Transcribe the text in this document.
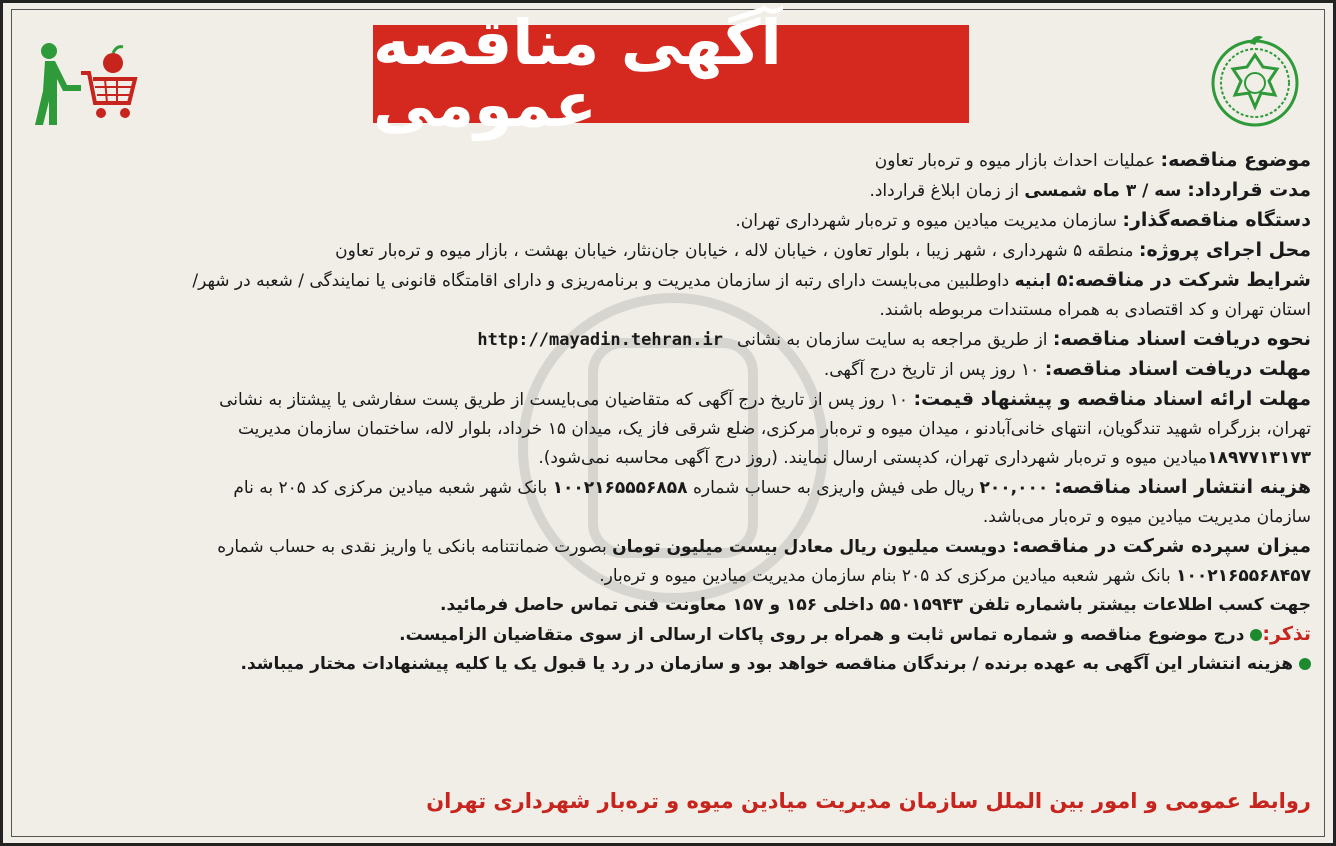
آگهی مناقصه عمومی
موضوع مناقصه: عملیات احداث بازار میوه و تره‌بار تعاون
مدت قرارداد: سه / ۳ ماه شمسی از زمان ابلاغ قرارداد.
دستگاه مناقصه‌گذار: سازمان مدیریت میادین میوه و تره‌بار شهرداری تهران.
محل اجرای پروژه: منطقه ۵ شهرداری ، شهر زیبا ، بلوار تعاون ، خیابان لاله ، خیابان جان‌نثار، خیابان بهشت ، بازار میوه و تره‌بار تعاون
شرایط شرکت در مناقصه:۵ ابنیه داوطلبین می‌بایست دارای رتبه از سازمان مدیریت و برنامه‌ریزی و دارای اقامتگاه قانونی یا نمایندگی / شعبه در شهر/
استان تهران و کد اقتصادی به همراه مستندات مربوطه باشند.
نحوه دریافت اسناد مناقصه: از طریق مراجعه به سایت سازمان به نشانیhttp://mayadin.tehran.ir
مهلت دریافت اسناد مناقصه: ۱۰ روز پس از تاریخ درج آگهی.
مهلت ارائه اسناد مناقصه و پیشنهاد قیمت: ۱۰ روز پس از تاریخ درج آگهی که متقاضیان می‌بایست از طریق پست سفارشی یا پیشتاز به نشانی
تهران، بزرگراه شهید تندگویان، انتهای خانی‌آبادنو ، میدان میوه و تره‌بار مرکزی، ضلع شرقی فاز یک، میدان ۱۵ خرداد، بلوار لاله، ساختمان سازمان مدیریت
۱۸۹۷۷۱۳۱۷۳میادین میوه و تره‌بار شهرداری تهران، کدپستی ارسال نمایند. (روز درج آگهی محاسبه نمی‌شود).
هزینه انتشار اسناد مناقصه: ۲۰۰,۰۰۰ ریال طی فیش واریزی به حساب شماره ۱۰۰۲۱۶۵۵۵۶۸۵۸ بانک شهر شعبه میادین مرکزی کد ۲۰۵ به نام
سازمان مدیریت میادین میوه و تره‌بار می‌باشد.
میزان سپرده شرکت در مناقصه: دویست میلیون ریال معادل بیست میلیون تومان بصورت ضمانتنامه بانکی یا واریز نقدی به حساب شماره
۱۰۰۲۱۶۵۵۶۸۴۵۷ بانک شهر شعبه میادین مرکزی کد ۲۰۵ بنام سازمان مدیریت میادین میوه و تره‌بار.
جهت کسب اطلاعات بیشتر باشماره تلفن ۵۵۰۱۵۹۴۳ داخلی ۱۵۶ و ۱۵۷ معاونت فنی تماس حاصل فرمائید.
تذکر:درج موضوع مناقصه و شماره تماس ثابت و همراه بر روی پاکات ارسالی از سوی متقاضیان الزامیست.
هزینه انتشار این آگهی به عهده برنده / برندگان مناقصه خواهد بود و سازمان در رد یا قبول یک یا کلیه پیشنهادات مختار میباشد.
روابط عمومی و امور بین الملل سازمان مدیریت میادین میوه و تره‌بار شهرداری تهران
